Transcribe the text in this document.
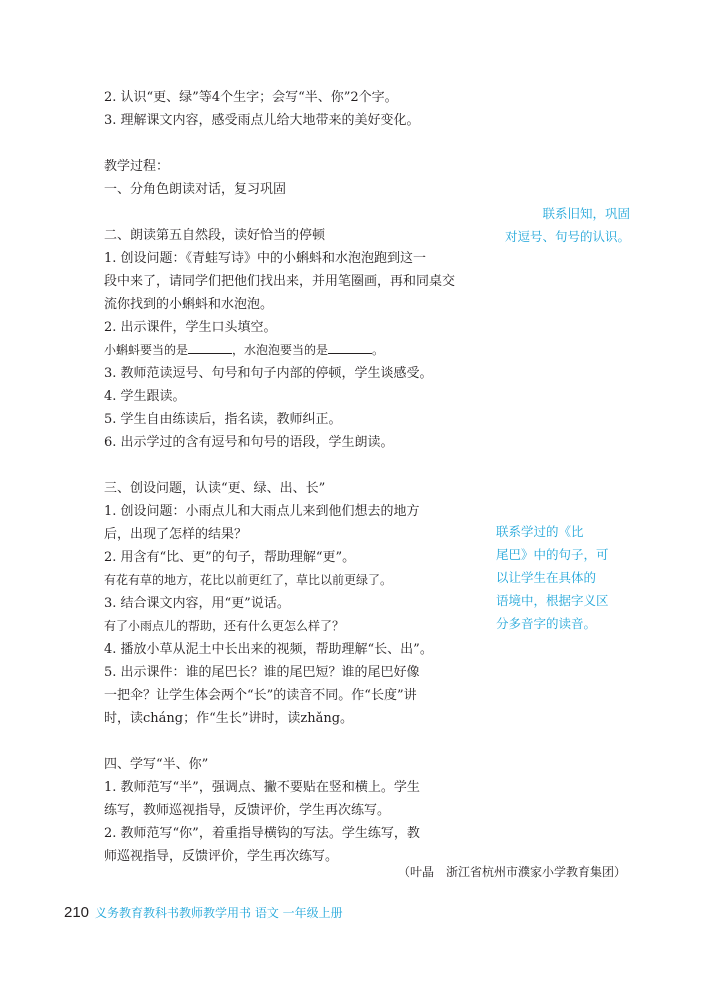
2. 认识“更、绿”等4个生字；会写“半、你”2个字。
3. 理解课文内容，感受雨点儿给大地带来的美好变化。
教学过程：
一、分角色朗读对话，复习巩固
二、朗读第五自然段，读好恰当的停顿
1. 创设问题：《青蛙写诗》中的小蝌蚪和水泡泡跑到这一
段中来了，请同学们把他们找出来，并用笔圈画，再和同桌交
流你找到的小蝌蚪和水泡泡。
2. 出示课件，学生口头填空。
小蝌蚪要当的是	，水泡泡要当的是	。
3. 教师范读逗号、句号和句子内部的停顿，学生谈感受。
4. 学生跟读。
5. 学生自由练读后，指名读，教师纠正。
6. 出示学过的含有逗号和句号的语段，学生朗读。
三、创设问题，认读“更、绿、出、长”
1. 创设问题：小雨点儿和大雨点儿来到他们想去的地方
后，出现了怎样的结果？
2. 用含有“比、更”的句子，帮助理解“更”。
有花有草的地方，花比以前更红了，草比以前更绿了。
3. 结合课文内容，用“更”说话。
有了小雨点儿的帮助，还有什么更怎么样了？
4. 播放小草从泥土中长出来的视频，帮助理解“长、出”。
5. 出示课件：谁的尾巴长？谁的尾巴短？谁的尾巴好像
一把伞？让学生体会两个“长”的读音不同。作“长度”讲
时，读cháng；作“生长”讲时，读zhǎng。
四、学写“半、你”
1. 教师范写“半”，强调点、撇不要贴在竖和横上。学生
练写，教师巡视指导，反馈评价，学生再次练写。
2. 教师范写“你”，着重指导横钩的写法。学生练写，教
师巡视指导，反馈评价，学生再次练写。
联系旧知，巩固
对逗号、句号的认识。
联系学过的《比
尾巴》中的句子，可
以让学生在具体的
语境中，根据字义区
分多音字的读音。
（叶晶　浙江省杭州市濮家小学教育集团）
210 义务教育教科书教师教学用书 语文 一年级上册
